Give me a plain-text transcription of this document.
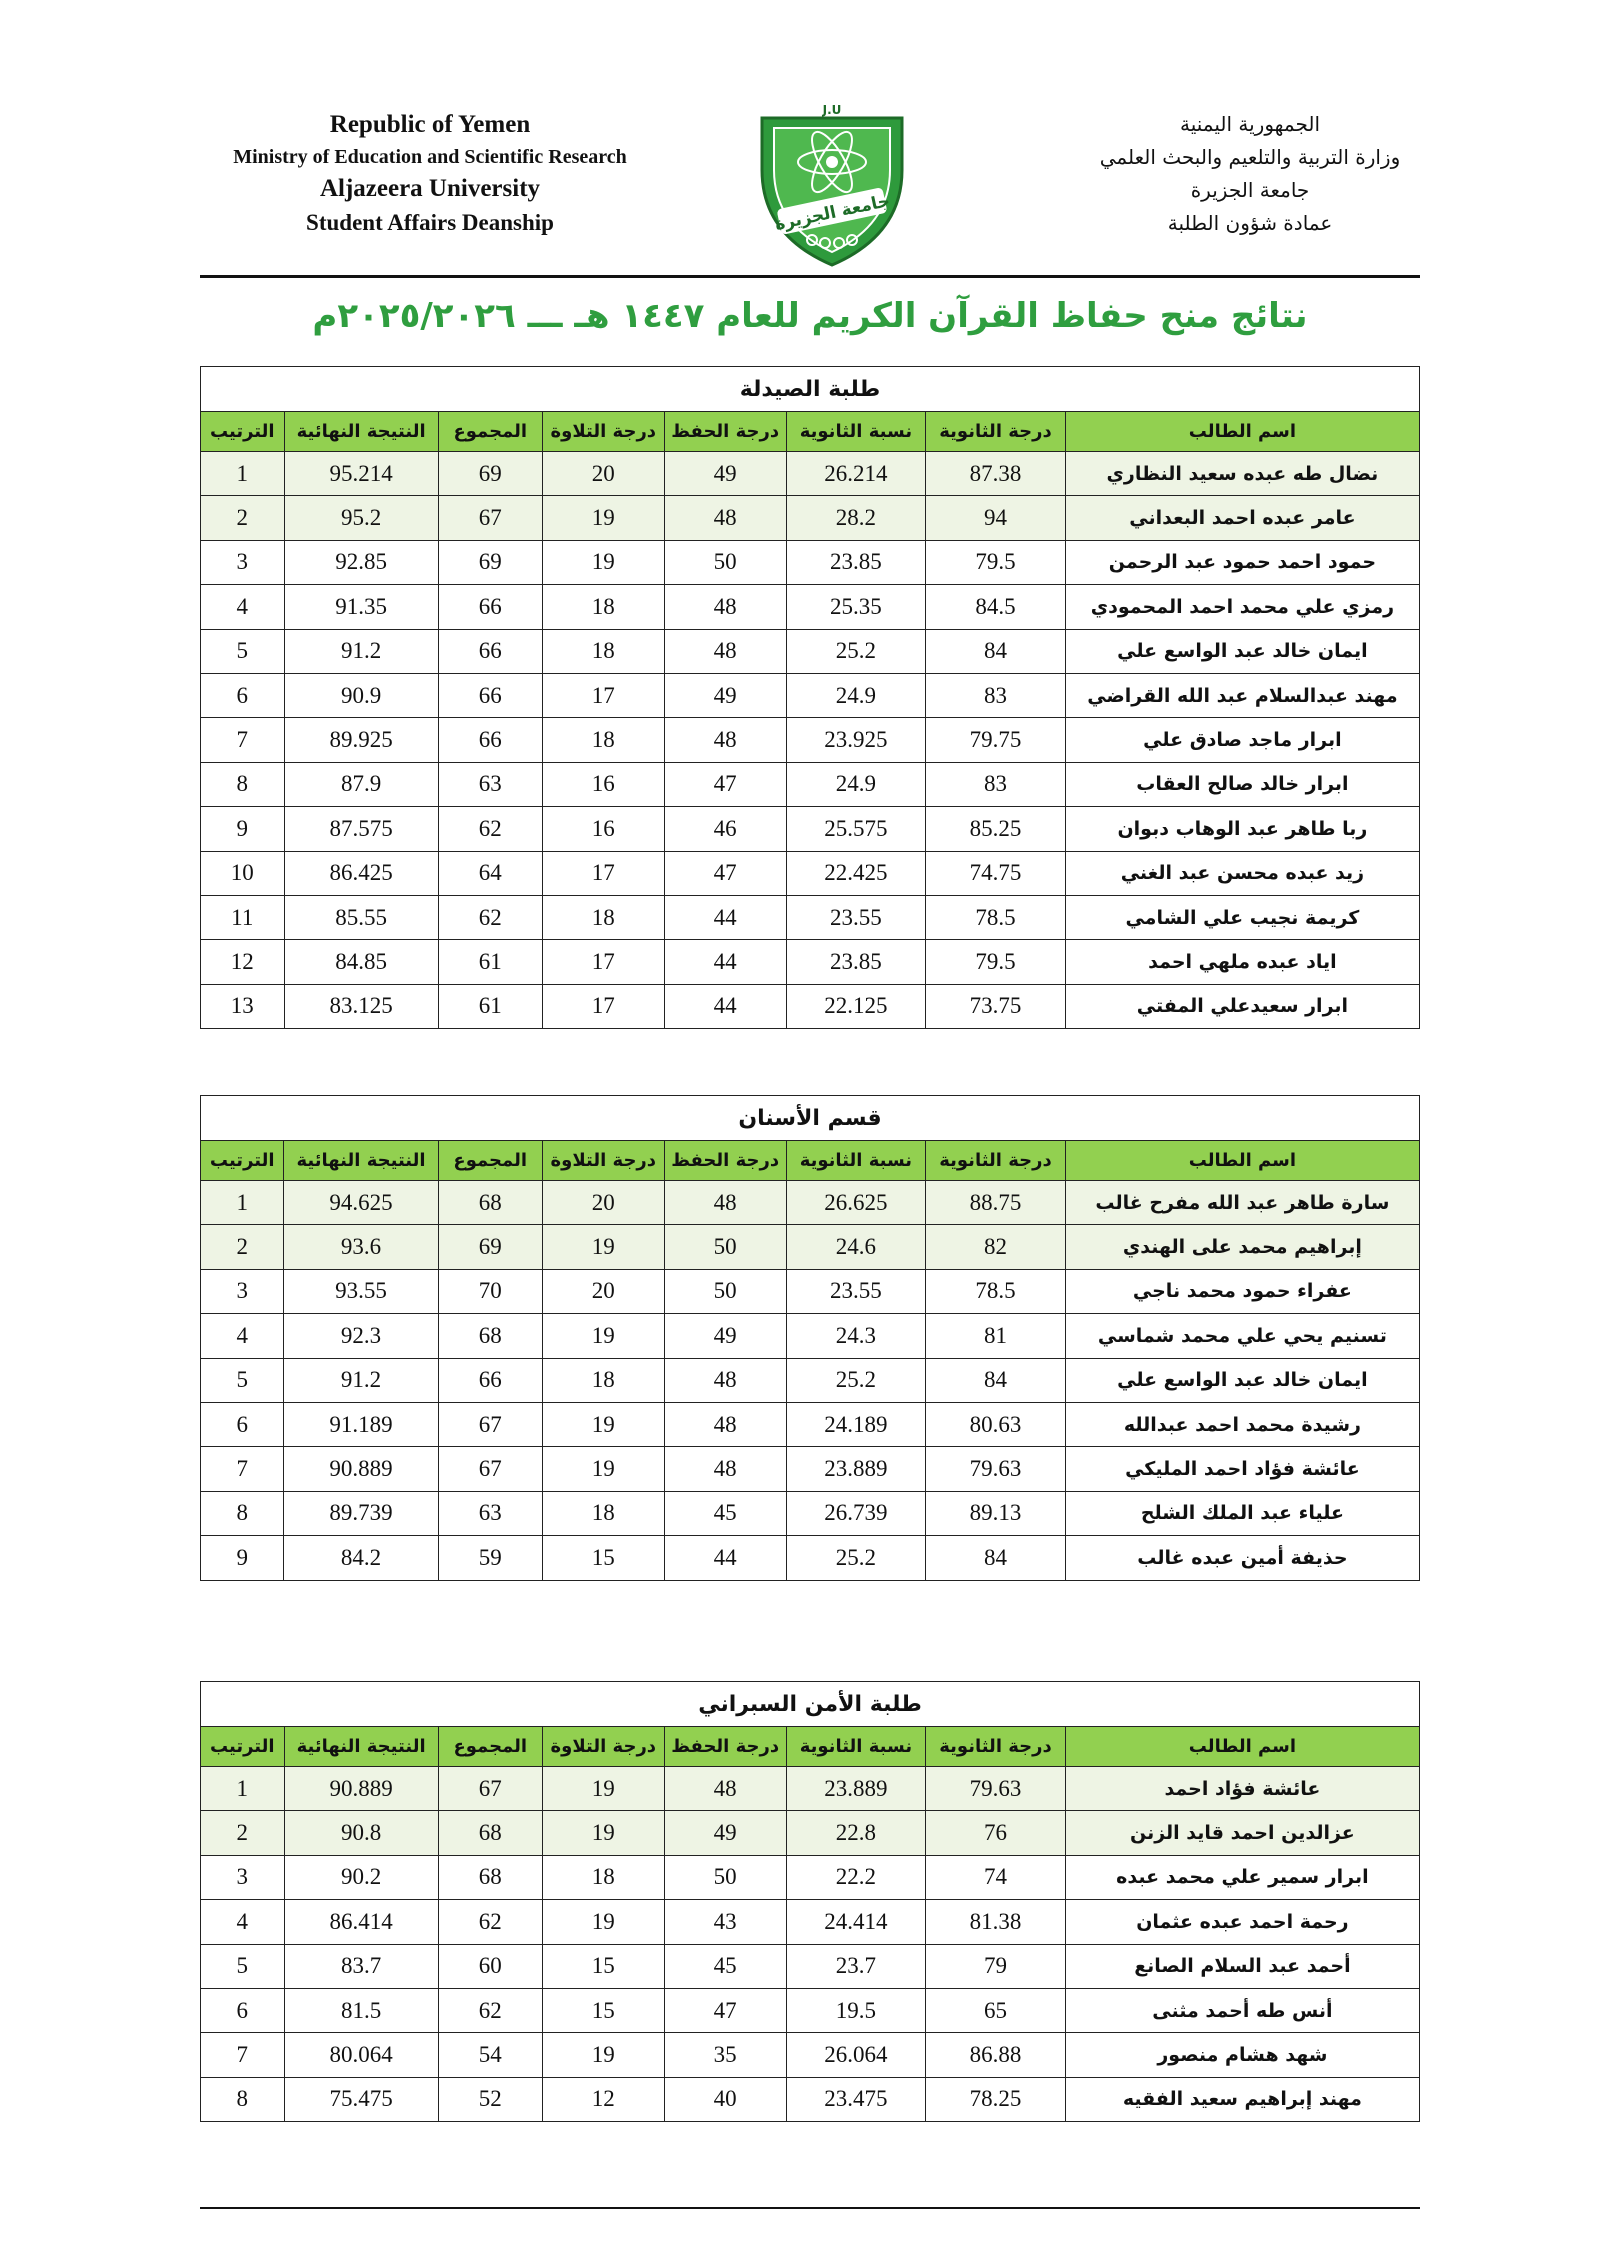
Republic of Yemen
Ministry of Education and Scientific Research
Aljazeera University
Student Affairs Deanship	جامعة الجزيرة
J.U
الجمهورية اليمنية
وزارة التربية والتلعيم والبحث العلمي
جامعة الجزيرة
عمادة شؤون الطلبة
نتائج منح حفاظ القرآن الكريم للعام ١٤٤٧ هـ ـــ ٢٠٢٥/٢٠٢٦م
طلبة الصيدلة							
اسم الطالب	درجة الثانوية	نسبة الثانوية	درجة الحفظ	درجة التلاوة	المجموع	النتيجة النهائية	الترتيب
نضال طه عبده سعيد النظاري	87.38	26.214	49	20	69	95.214	1
عامر عبده احمد البعداني	94	28.2	48	19	67	95.2	2
حمود احمد حمود عبد الرحمن	79.5	23.85	50	19	69	92.85	3
رمزي علي محمد احمد المحمودي	84.5	25.35	48	18	66	91.35	4
ايمان خالد عبد الواسع علي	84	25.2	48	18	66	91.2	5
مهند عبدالسلام عبد الله القراضي	83	24.9	49	17	66	90.9	6
ابرار ماجد صادق علي	79.75	23.925	48	18	66	89.925	7
ابرار خالد صالح العقاب	83	24.9	47	16	63	87.9	8
ربا طاهر عبد الوهاب دبوان	85.25	25.575	46	16	62	87.575	9
زيد عبده محسن عبد الغني	74.75	22.425	47	17	64	86.425	10
كريمة نجيب علي الشامي	78.5	23.55	44	18	62	85.55	11
اياد عبده ملهي احمد	79.5	23.85	44	17	61	84.85	12
ابرار سعيدعلي المفتي	73.75	22.125	44	17	61	83.125	13
قسم الأسنان							
اسم الطالب	درجة الثانوية	نسبة الثانوية	درجة الحفظ	درجة التلاوة	المجموع	النتيجة النهائية	الترتيب
سارة طاهر عبد الله مفرح غالب	88.75	26.625	48	20	68	94.625	1
إبراهيم محمد على الهندي	82	24.6	50	19	69	93.6	2
عفراء حمود محمد ناجي	78.5	23.55	50	20	70	93.55	3
تسنيم يحي علي محمد شماسي	81	24.3	49	19	68	92.3	4
ايمان خالد عبد الواسع علي	84	25.2	48	18	66	91.2	5
رشيدة محمد احمد عبدالله	80.63	24.189	48	19	67	91.189	6
عائشة فؤاد احمد المليكي	79.63	23.889	48	19	67	90.889	7
علياء عبد الملك الشلح	89.13	26.739	45	18	63	89.739	8
حذيفة أمين عبده غالب	84	25.2	44	15	59	84.2	9
طلبة الأمن السبراني							
اسم الطالب	درجة الثانوية	نسبة الثانوية	درجة الحفظ	درجة التلاوة	المجموع	النتيجة النهائية	الترتيب
عائشة فؤاد احمد	79.63	23.889	48	19	67	90.889	1
عزالدين احمد قايد الزنن	76	22.8	49	19	68	90.8	2
ابرار سمير علي محمد عبده	74	22.2	50	18	68	90.2	3
رحمة احمد عبده عثمان	81.38	24.414	43	19	62	86.414	4
أحمد عبد السلام الصانع	79	23.7	45	15	60	83.7	5
أنس طه أحمد مثنى	65	19.5	47	15	62	81.5	6
شهد هشام منصور	86.88	26.064	35	19	54	80.064	7
مهند إبراهيم سعيد الفقيه	78.25	23.475	40	12	52	75.475	8
